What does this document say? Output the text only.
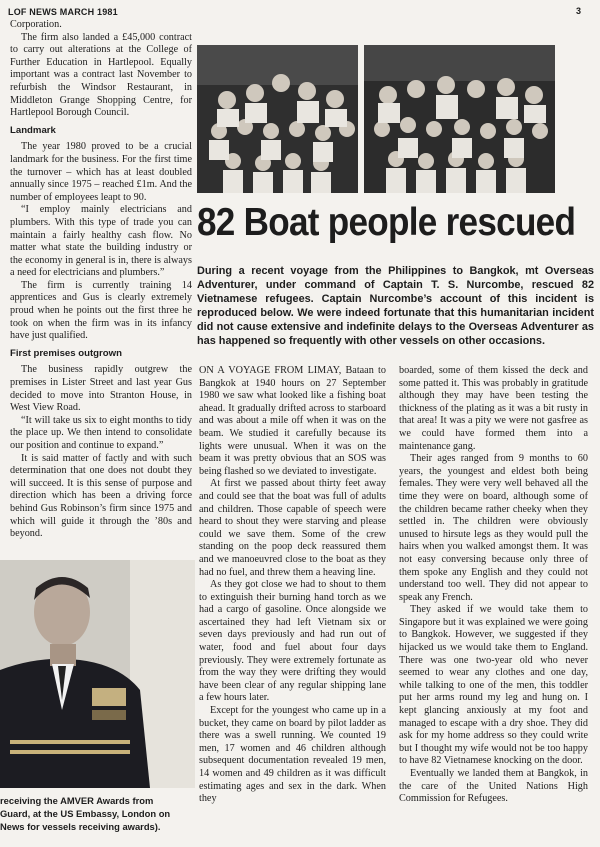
LOF NEWS MARCH 1981	3

Corporation.

The firm also landed a £45,000 contract to carry out alterations at the College of Further Education in Hartlepool. Equally important was a contract last November to refurbish the Windsor Restaurant, in Middleton Grange Shopping Centre, for Hartlepool Borough Council.

Landmark

The year 1980 proved to be a crucial landmark for the business. For the first time the turnover – which has at least doubled annually since 1975 – reached £1m. And the number of employees leapt to 90.

“I employ mainly electricians and plumbers. With this type of trade you can maintain a fairly healthy cash flow. No matter what state the building industry or the economy in general is in, there is always a need for electricians and plumbers.”

The firm is currently training 14 apprentices and Gus is clearly extremely proud when he points out the first three he took on when the firm was in its infancy have just qualified.

First premises outgrown

The business rapidly outgrew the premises in Lister Street and last year Gus decided to move into Stranton House, in West View Road.

“It will take us six to eight months to tidy the place up. We then intend to consolidate our position and continue to expand.”

It is said matter of factly and with such determination that one does not doubt they will succeed. It is this sense of purpose and direction which has been a driving force behind Gus Robinson’s firm since 1975 and which will guide it through the ’80s and beyond.

receiving the AMVER Awards from

Guard, at the US Embassy, London on

News for vessels receiving awards).

82 Boat people rescued

During a recent voyage from the Philippines to Bangkok, mt Overseas Adventurer, under command of Captain T. S. Nurcombe, rescued 82 Vietnamese refugees. Captain Nurcombe’s account of this incident is reproduced below. We were indeed fortunate that this humanitarian incident did not cause extensive and indefinite delays to the Overseas Adventurer as has happened so frequently with other vessels on other occasions.

ON A VOYAGE FROM LIMAY, Bataan to Bangkok at 1940 hours on 27 September 1980 we saw what looked like a fishing boat ahead. It gradually drifted across to starboard and was about a mile off when it was on the beam. We studied it carefully because its lights were unusual. When it was on the beam it was pretty obvious that an SOS was being flashed so we deviated to investigate.

At first we passed about thirty feet away and could see that the boat was full of adults and children. Those capable of speech were heard to shout they were starving and please could we save them. Some of the crew standing on the poop deck reassured them and we manoeuvred close to the boat as they had no fuel, and threw them a heaving line.

As they got close we had to shout to them to extinguish their burning hand torch as we had a cargo of gasoline. Once alongside we ascertained they had left Vietnam six or seven days previously and had run out of water, food and fuel about four days previously. They were extremely fortunate as from the way they were drifting they would have been clear of any regular shipping lane a few hours later.

Except for the youngest who came up in a bucket, they came on board by pilot ladder as there was a swell running. We counted 19 men, 17 women and 46 children although subsequent documentation revealed 19 men, 14 women and 49 children as it was difficult estimating ages and sex in the dark. When they

boarded, some of them kissed the deck and some patted it. This was probably in gratitude although they may have been testing the thickness of the plating as it was a bit rusty in that area! It was a pity we were not gasfree as we could have formed them into a maintenance gang.

Their ages ranged from 9 months to 60 years, the youngest and eldest both being females. They were very well behaved all the time they were on board, although some of the children became rather cheeky when they settled in. The children were obviously unused to hirsute legs as they would pull the hairs when you walked amongst them. It was not easy conversing because only three of them spoke any English and they could not understand too well. They did not appear to speak any French.

They asked if we would take them to Singapore but it was explained we were going to Bangkok. However, we suggested if they hijacked us we would take them to England. There was one two-year old who never seemed to wear any clothes and one day, while talking to one of the men, this toddler put her arms round my leg and hung on. I kept glancing anxiously at my foot and managed to escape with a dry shoe. They did ask for my home address so they could write but I thought my wife would not be too happy to have 82 Vietnamese knocking on the door.

Eventually we landed them at Bangkok, in the care of the United Nations High Commission for Refugees.
